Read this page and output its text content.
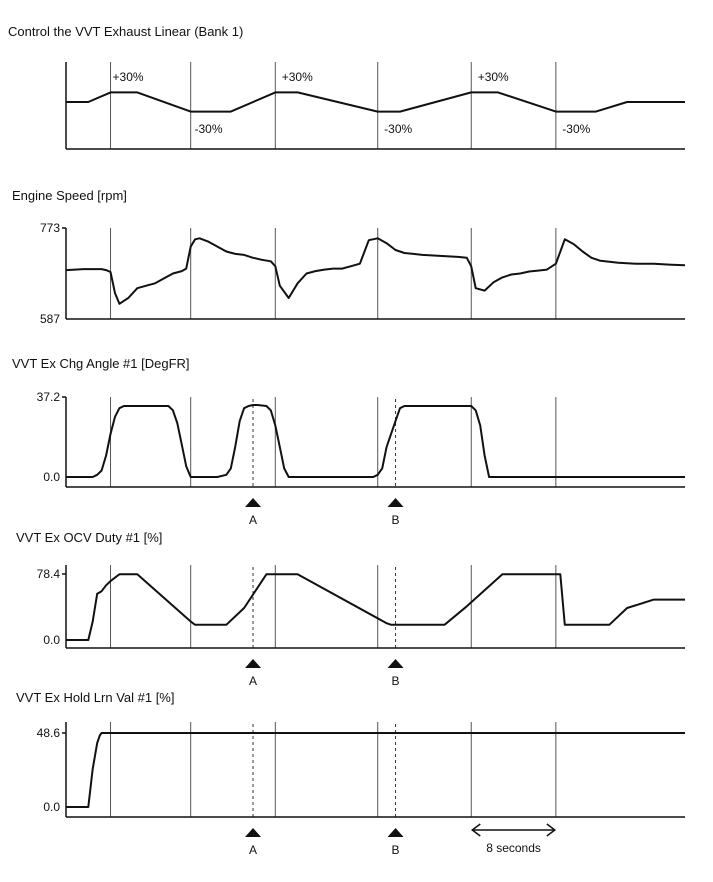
Control the VVT Exhaust Linear (Bank 1)
+30%
-30%
+30%
-30%
+30%
-30%
Engine Speed [rpm]
773
587
VVT Ex Chg Angle #1 [DegFR]
37.2
0.0
A	B
VVT Ex OCV Duty #1 [%]
78.4
0.0
A	B
VVT Ex Hold Lrn Val #1 [%]
48.6
0.0
A	B	8 seconds
